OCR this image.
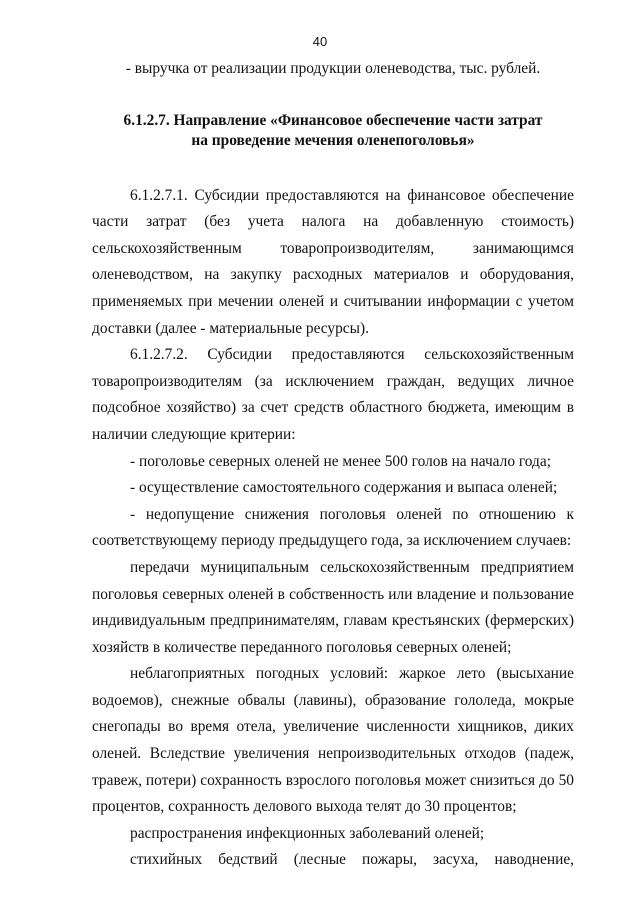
40
- выручка от реализации продукции оленеводства, тыс. рублей.
6.1.2.7. Направление «Финансовое обеспечение части затрат
на проведение мечения оленепоголовья»

6.1.2.7.1. Субсидии предоставляются на финансовое обеспечение части затрат (без учета налога на добавленную стоимость) сельскохозяйственным товаропроизводителям, занимающимся оленеводством, на закупку расходных материалов и оборудования, применяемых при мечении оленей и считывании информации с учетом доставки (далее - материальные ресурсы).

6.1.2.7.2. Субсидии предоставляются сельскохозяйственным товаропроизводителям (за исключением граждан, ведущих личное подсобное хозяйство) за счет средств областного бюджета, имеющим в наличии следующие критерии:

- поголовье северных оленей не менее 500 голов на начало года;

- осуществление самостоятельного содержания и выпаса оленей;

- недопущение снижения поголовья оленей по отношению к соответствующему периоду предыдущего года, за исключением случаев:

передачи муниципальным сельскохозяйственным предприятием поголовья северных оленей в собственность или владение и пользование индивидуальным предпринимателям, главам крестьянских (фермерских) хозяйств в количестве переданного поголовья северных оленей;

неблагоприятных погодных условий: жаркое лето (высыхание водоемов), снежные обвалы (лавины), образование гололеда, мокрые снегопады во время отела, увеличение численности хищников, диких оленей. Вследствие увеличения непроизводительных отходов (падеж, травеж, потери) сохранность взрослого поголовья может снизиться до 50 процентов, сохранность делового выхода телят до 30 процентов;

распространения инфекционных заболеваний оленей;

стихийных бедствий (лесные пожары, засуха, наводнение,
